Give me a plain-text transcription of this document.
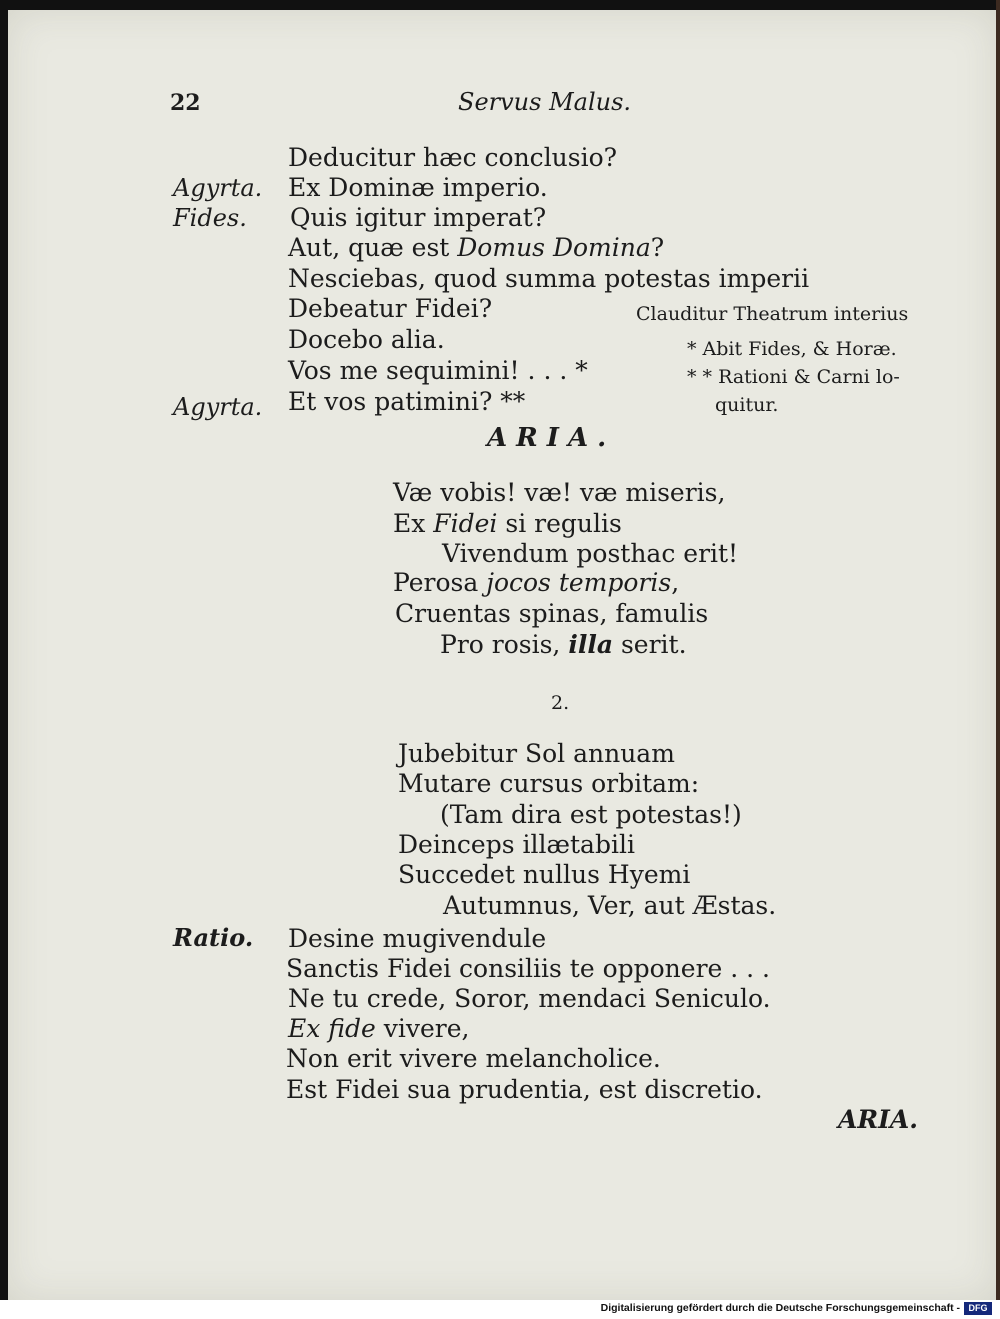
22	Servus Malus.
Agyrta.
Fides.
Agyrta.
Ratio.
Deducitur hæc conclusio?
Ex Dominæ imperio.
Quis igitur imperat?
Aut, quæ est Domus Domina?
Nesciebas, quod summa potestas imperii
Debeatur Fidei?
Docebo alia.
Vos me sequimini! . . . *
Et vos patimini? **
Clauditur Theatrum interius
* Abit Fides, & Horæ.
* * Rationi & Carni lo-
quitur.
ARIA.
Væ vobis! væ! væ miseris,
Ex Fidei si regulis
Vivendum posthac erit!
Perosa jocos temporis,
Cruentas spinas, famulis
Pro rosis, illa serit.
2.
Jubebitur Sol annuam
Mutare cursus orbitam:
(Tam dira est potestas!)
Deinceps illætabili
Succedet nullus Hyemi
Autumnus, Ver, aut Æstas.
Desine mugivendule
Sanctis Fidei consiliis te opponere . . .
Ne tu crede, Soror, mendaci Seniculo.
Ex fide vivere,
Non erit vivere melancholice.
Est Fidei sua prudentia, est discretio.
ARIA.
Digitalisierung gefördert durch die Deutsche Forschungsgemeinschaft - DFG
